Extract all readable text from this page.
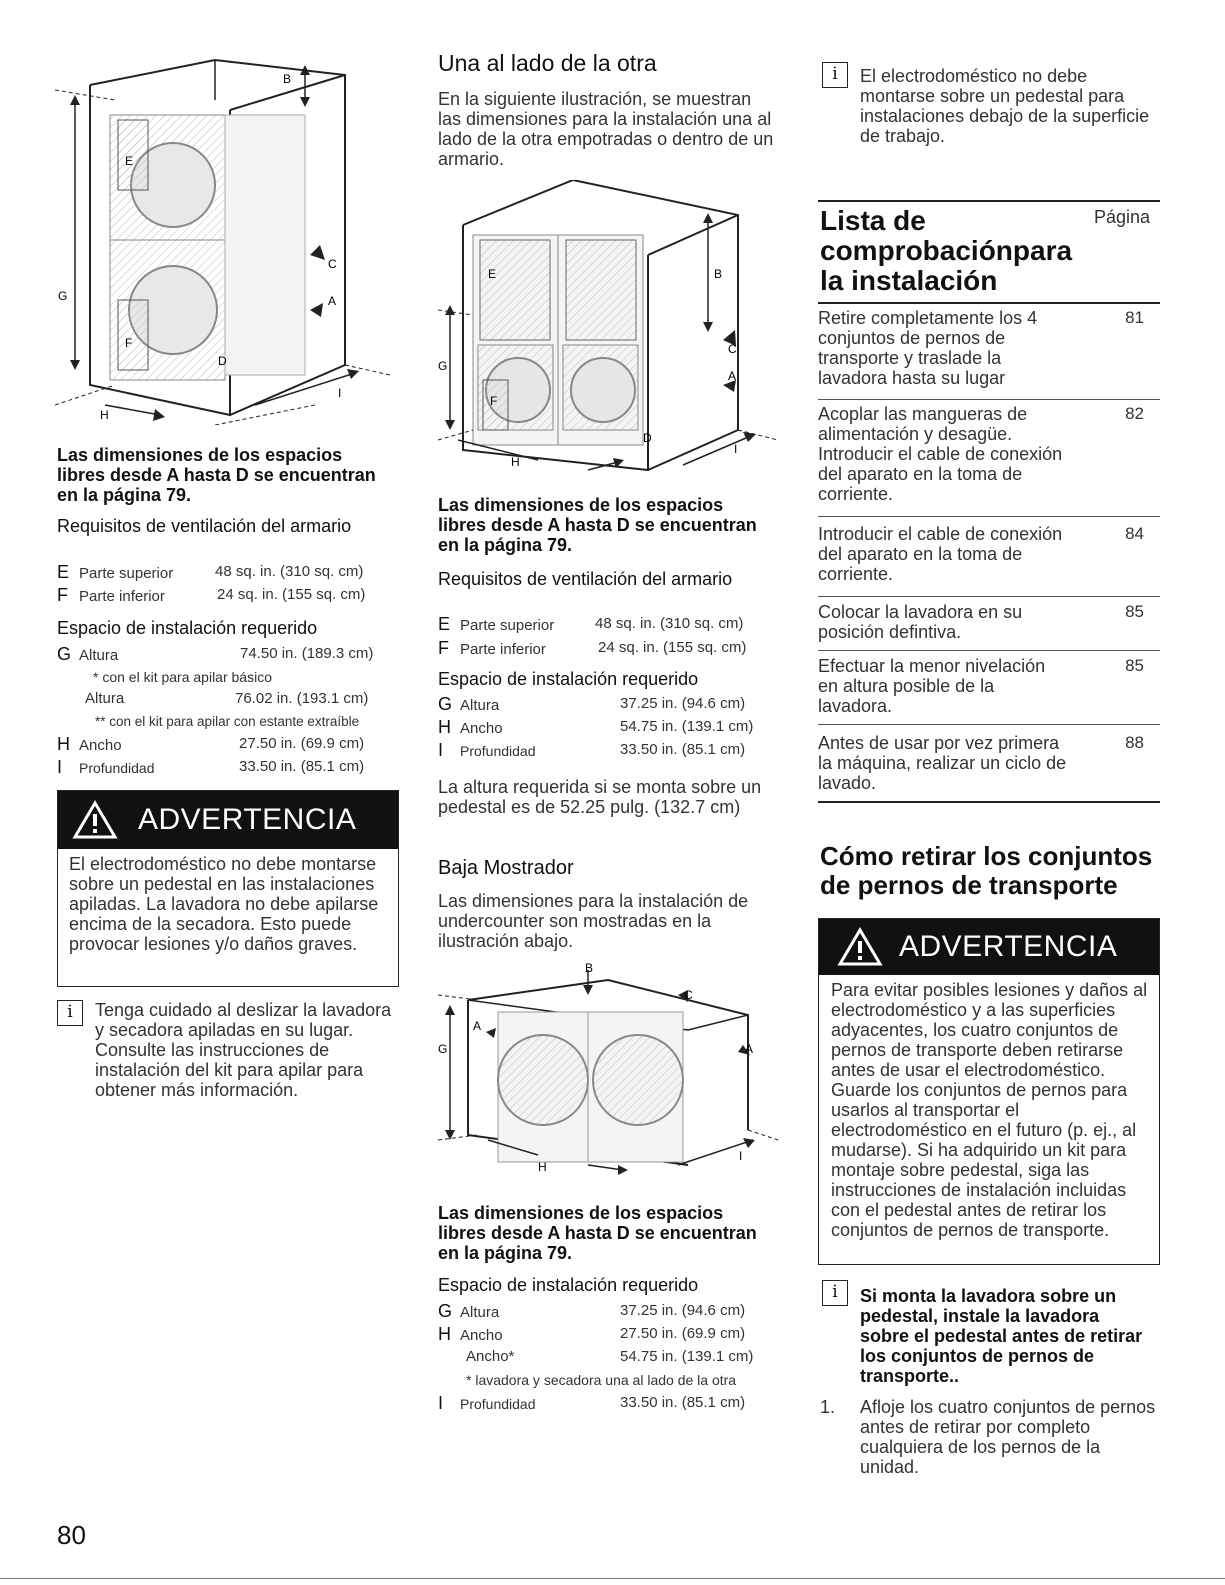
B
E
C
G	A
F
D
H
I
Las dimensiones de los espacios libres desde A hasta D se encuentran en la página 79.
Requisitos de ventilación del armario
E Parte superior	48 sq. in. (310 sq. cm)
F Parte inferior	24 sq. in. (155 sq. cm)
Espacio de instalación requerido
G Altura	74.50 in. (189.3 cm)
* con el kit para apilar básico
Altura	76.02 in. (193.1 cm)
** con el kit para apilar con estante extraíble
H Ancho	27.50 in. (69.9 cm)
I Profundidad	33.50 in. (85.1 cm)
ADVERTENCIA
El electrodoméstico no debe montarse sobre un pedestal en las instalaciones apiladas. La lavadora no debe apilarse encima de la secadora. Esto puede provocar lesiones y/o daños graves.
i	Tenga cuidado al deslizar la lavadora y secadora apiladas en su lugar. Consulte las instrucciones de instalación del kit para apilar para obtener más información.
80
Una al lado de la otra
En la siguiente ilustración, se muestran las dimensiones para la instalación una al lado de la otra empotradas o dentro de un armario.
E	B
C
G
A
F
D
H
I
Las dimensiones de los espacios libres desde A hasta D se encuentran en la página 79.
Requisitos de ventilación del armario
E Parte superior	48 sq. in. (310 sq. cm)
F Parte inferior	24 sq. in. (155 sq. cm)
Espacio de instalación requerido
G Altura	37.25 in. (94.6 cm)
H Ancho	54.75 in. (139.1 cm)
I Profundidad	33.50 in. (85.1 cm)
La altura requerida si se monta sobre un pedestal es de 52.25 pulg. (132.7 cm)
Baja Mostrador
Las dimensiones para la instalación de undercounter son mostradas en la ilustración abajo.
B
C
A
G	A
H
I
Las dimensiones de los espacios libres desde A hasta D se encuentran en la página 79.
Espacio de instalación requerido
G Altura	37.25 in. (94.6 cm)
H Ancho	27.50 in. (69.9 cm)
Ancho*	54.75 in. (139.1 cm)
* lavadora y secadora una al lado de la otra
I Profundidad	33.50 in. (85.1 cm)
i	El electrodoméstico no debe montarse sobre un pedestal para instalaciones debajo de la superficie de trabajo.
Lista de comprobaciónpara la instalación
Página
Retire completamente los 4 conjuntos de pernos de transporte y traslade la lavadora hasta su lugar
81
Acoplar las mangueras de alimentación y desagüe. Introducir el cable de conexión del aparato en la toma de corriente.
82
Introducir el cable de conexión del aparato en la toma de corriente.
84
Colocar la lavadora en su posición defintiva.
85
Efectuar la menor nivelación en altura posible de la lavadora.
85
Antes de usar por vez primera la máquina, realizar un ciclo de lavado.
88
Cómo retirar los conjuntos de pernos de transporte
ADVERTENCIA
Para evitar posibles lesiones y daños al electrodoméstico y a las superficies adyacentes, los cuatro conjuntos de pernos de transporte deben retirarse antes de usar el electrodoméstico. Guarde los conjuntos de pernos para usarlos al transportar el electrodoméstico en el futuro (p. ej., al mudarse). Si ha adquirido un kit para montaje sobre pedestal, siga las instrucciones de instalación incluidas con el pedestal antes de retirar los conjuntos de pernos de transporte.
i	Si monta la lavadora sobre un pedestal, instale la lavadora sobre el pedestal antes de retirar los conjuntos de pernos de transporte..
1. Afloje los cuatro conjuntos de pernos antes de retirar por completo cualquiera de los pernos de la unidad.
